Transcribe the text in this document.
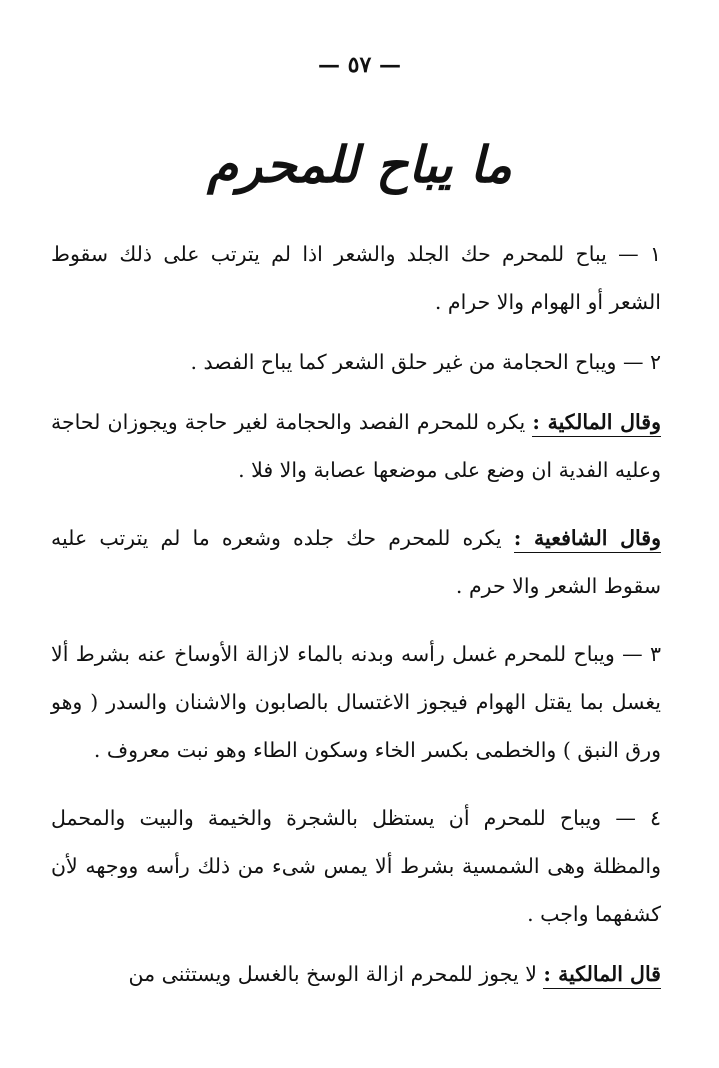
— ٥٧ —
ما يباح للمحرم

١ — يباح للمحرم حك الجلد والشعر اذا لم يترتب على ذلك سقوط الشعر أو الهوام والا حرام .

٢ — ويباح الحجامة من غير حلق الشعر كما يباح الفصد .

وقال المالكية : يكره للمحرم الفصد والحجامة لغير حاجة ويجوزان لحاجة وعليه الفدية ان وضع على موضعها عصابة والا فلا .

وقال الشافعية : يكره للمحرم حك جلده وشعره ما لم يترتب عليه سقوط الشعر والا حرم .

٣ — ويباح للمحرم غسل رأسه وبدنه بالماء لازالة الأوساخ عنه بشرط ألا يغسل بما يقتل الهوام فيجوز الاغتسال بالصابون والاشنان والسدر ( وهو ورق النبق ) والخطمى بكسر الخاء وسكون الطاء وهو نبت معروف .

٤ — ويباح للمحرم أن يستظل بالشجرة والخيمة والبيت والمحمل والمظلة وهى الشمسية بشرط ألا يمس شىء من ذلك رأسه ووجهه لأن كشفهما واجب .

قال المالكية : لا يجوز للمحرم ازالة الوسخ بالغسل ويستثنى من
